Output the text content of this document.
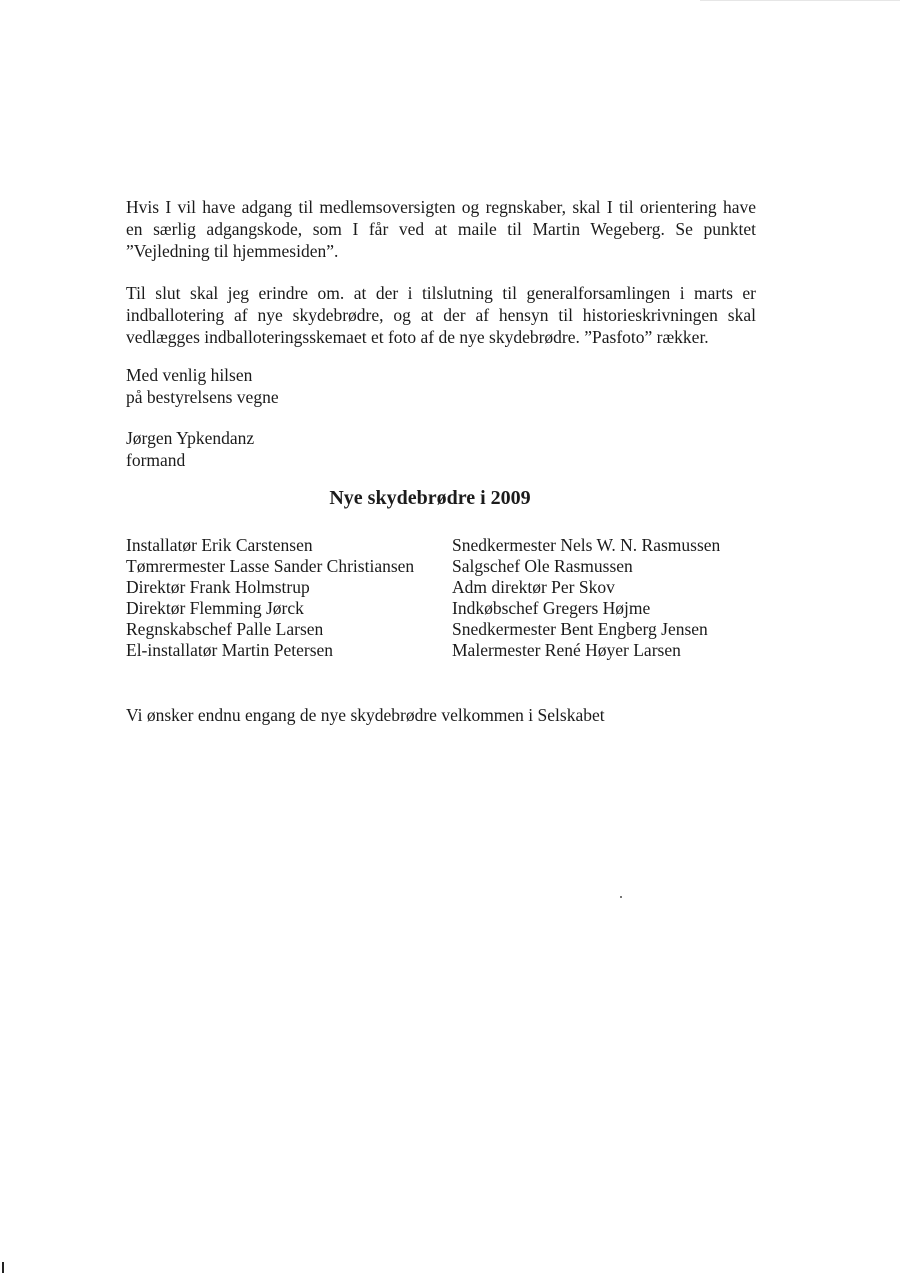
Hvis I vil have adgang til medlemsoversigten og regnskaber, skal I til orientering have
en særlig adgangskode, som I får ved at maile til Martin Wegeberg. Se punktet
”Vejledning til hjemmesiden”.

Til slut skal jeg erindre om. at der i tilslutning til generalforsamlingen i marts er
indballotering af nye skydebrødre, og at der af hensyn til historieskrivningen skal
vedlægges indballoteringsskemaet et foto af de nye skydebrødre. ”Pasfoto” rækker.

Med venlig hilsen
på bestyrelsens vegne

Jørgen Ypkendanz
formand

Nye skydebrødre i 2009
Installatør Erik Carstensen
Tømrermester Lasse Sander Christiansen
Direktør Frank Holmstrup
Direktør Flemming Jørck
Regnskabschef Palle Larsen
El-installatør Martin Petersen
Snedkermester Nels W. N. Rasmussen
Salgschef Ole Rasmussen
Adm direktør Per Skov
Indkøbschef Gregers Højme
Snedkermester Bent Engberg Jensen
Malermester René Høyer Larsen

Vi ønsker endnu engang de nye skydebrødre velkommen i Selskabet
